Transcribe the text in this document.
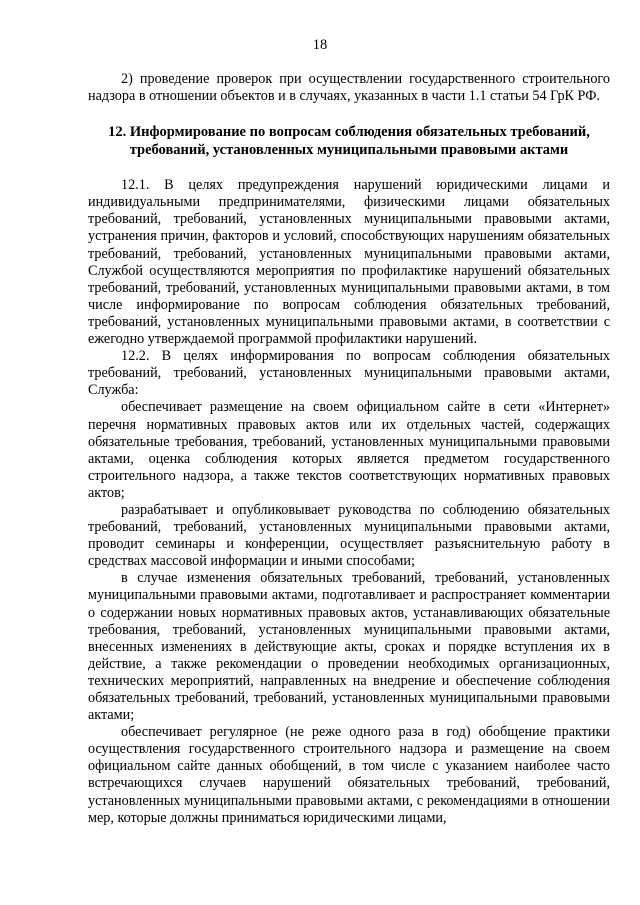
18

2) проведение проверок при осуществлении государственного строительного надзора в отношении объектов и в случаях, указанных в части 1.1 статьи 54 ГрК РФ.

12. Информирование по вопросам соблюдения обязательных требований,
требований, установленных муниципальными правовыми актами

12.1. В целях предупреждения нарушений юридическими лицами и индивидуальными предпринимателями, физическими лицами обязательных требований, требований, установленных муниципальными правовыми актами, устранения причин, факторов и условий, способствующих нарушениям обязательных требований, требований, установленных муниципальными правовыми актами, Службой осуществляются мероприятия по профилактике нарушений обязательных требований, требований, установленных муниципальными правовыми актами, в том числе информирование по вопросам соблюдения обязательных требований, требований, установленных муниципальными правовыми актами, в соответствии с ежегодно утверждаемой программой профилактики нарушений.

12.2. В целях информирования по вопросам соблюдения обязательных требований, требований, установленных муниципальными правовыми актами, Служба:

обеспечивает размещение на своем официальном сайте в сети «Интернет» перечня нормативных правовых актов или их отдельных частей, содержащих обязательные требования, требований, установленных муниципальными правовыми актами, оценка соблюдения которых является предметом государственного строительного надзора, а также текстов соответствующих нормативных правовых актов;

разрабатывает и опубликовывает руководства по соблюдению обязательных требований, требований, установленных муниципальными правовыми актами, проводит семинары и конференции, осуществляет разъяснительную работу в средствах массовой информации и иными способами;

в случае изменения обязательных требований, требований, установленных муниципальными правовыми актами, подготавливает и распространяет комментарии о содержании новых нормативных правовых актов, устанавливающих обязательные требования, требований, установленных муниципальными правовыми актами, внесенных изменениях в действующие акты, сроках и порядке вступления их в действие, а также рекомендации о проведении необходимых организационных, технических мероприятий, направленных на внедрение и обеспечение соблюдения обязательных требований, требований, установленных муниципальными правовыми актами;

обеспечивает регулярное (не реже одного раза в год) обобщение практики осуществления государственного строительного надзора и размещение на своем официальном сайте данных обобщений, в том числе с указанием наиболее часто встречающихся случаев нарушений обязательных требований, требований, установленных муниципальными правовыми актами, с рекомендациями в отношении мер, которые должны приниматься юридическими лицами,
